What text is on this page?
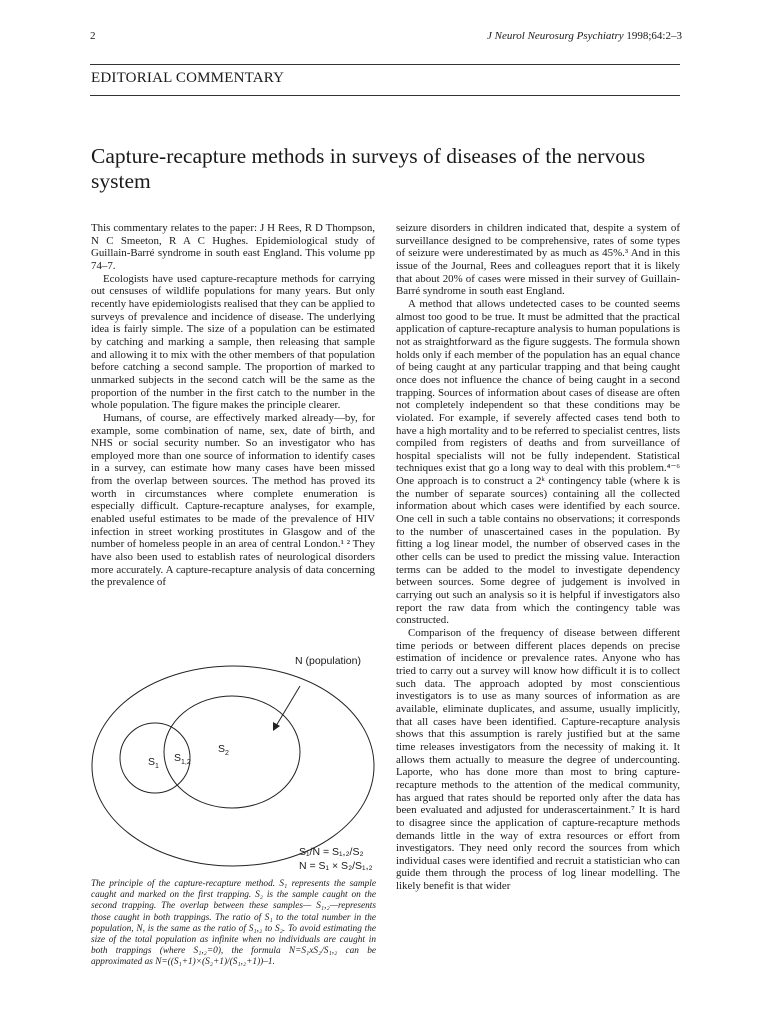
2	J Neurol Neurosurg Psychiatry 1998;64:2–3
EDITORIAL COMMENTARY
Capture-recapture methods in surveys of diseases of the nervous system

This commentary relates to the paper: J H Rees, R D Thompson, N C Smeeton, R A C Hughes. Epidemiological study of Guillain-Barré syndrome in south east England. This volume pp 74–7.

Ecologists have used capture-recapture methods for carrying out censuses of wildlife populations for many years. But only recently have epidemiologists realised that they can be applied to surveys of prevalence and incidence of disease. The underlying idea is fairly simple. The size of a population can be estimated by catching and marking a sample, then releasing that sample and allowing it to mix with the other members of that population before catching a second sample. The proportion of marked to unmarked subjects in the second catch will be the same as the proportion of the number in the first catch to the number in the whole population. The figure makes the principle clearer.

Humans, of course, are effectively marked already—by, for example, some combination of name, sex, date of birth, and NHS or social security number. So an investigator who has employed more than one source of information to identify cases in a survey, can estimate how many cases have been missed from the overlap between sources. The method has proved its worth in circumstances where complete enumeration is especially difficult. Capture-recapture analyses, for example, enabled useful estimates to be made of the prevalence of HIV infection in street working prostitutes in Glasgow and of the number of homeless people in an area of central London.¹ ² They have also been used to establish rates of neurological disorders more accurately. A capture-recapture analysis of data concerning the prevalence of

seizure disorders in children indicated that, despite a system of surveillance designed to be comprehensive, rates of some types of seizure were underestimated by as much as 45%.³ And in this issue of the Journal, Rees and colleagues report that it is likely that about 20% of cases were missed in their survey of Guillain-Barré syndrome in south east England.

A method that allows undetected cases to be counted seems almost too good to be true. It must be admitted that the practical application of capture-recapture analysis to human populations is not as straightforward as the figure suggests. The formula shown holds only if each member of the population has an equal chance of being caught at any particular trapping and that being caught once does not influence the chance of being caught in a second trapping. Sources of information about cases of disease are often not completely independent so that these conditions may be violated. For example, if severely affected cases tend both to have a high mortality and to be referred to specialist centres, lists compiled from registers of deaths and from surveillance of hospital specialists will not be fully independent. Statistical techniques exist that go a long way to deal with this problem.⁴⁻⁶ One approach is to construct a 2ᵏ contingency table (where k is the number of separate sources) containing all the collected information about which cases were identified by each source. One cell in such a table contains no observations; it corresponds to the number of unascertained cases in the population. By fitting a log linear model, the number of observed cases in the other cells can be used to predict the missing value. Interaction terms can be added to the model to investigate dependency between sources. Some degree of judgement is involved in carrying out such an analysis so it is helpful if investigators also report the raw data from which the contingency table was constructed.

Comparison of the frequency of disease between different time periods or between different places depends on precise estimation of incidence or prevalence rates. Anyone who has tried to carry out a survey will know how difficult it is to collect such data. The approach adopted by most conscientious investigators is to use as many sources of information as are available, eliminate duplicates, and assume, usually implicitly, that all cases have been identified. Capture-recapture analysis shows that this assumption is rarely justified but at the same time releases investigators from the necessity of making it. It allows them actually to measure the degree of undercounting. Laporte, who has done more than most to bring capture-recapture methods to the attention of the medical community, has argued that rates should be reported only after the data has been evaluated and adjusted for underascertainment.⁷ It is hard to disagree since the application of capture-recapture methods demands little in the way of extra resources or effort from investigators. They need only record the sources from which individual cases were identified and recruit a statistician who can guide them through the process of log linear modelling. The likely benefit is that wider

N (population)
$S_1$
$S_{1,2}$
$S_2$
S₁/N = S₁,₂/S₂
N = S₁ × S₂/S₁,₂
The principle of the capture-recapture method. S₁ represents the sample caught and marked on the first trapping. S₂ is the sample caught on the second trapping. The overlap between these samples— S₁,₂—represents those caught in both trappings. The ratio of S₁ to the total number in the population, N, is the same as the ratio of S₁,₂ to S₂. To avoid estimating the size of the total population as infinite when no individuals are caught in both trappings (where S₁,₂=0), the formula N=S₁xS₂/S₁,₂ can be approximated as N=((S₁+1)×(S₂+1)/(S₁,₂+1))–1.
